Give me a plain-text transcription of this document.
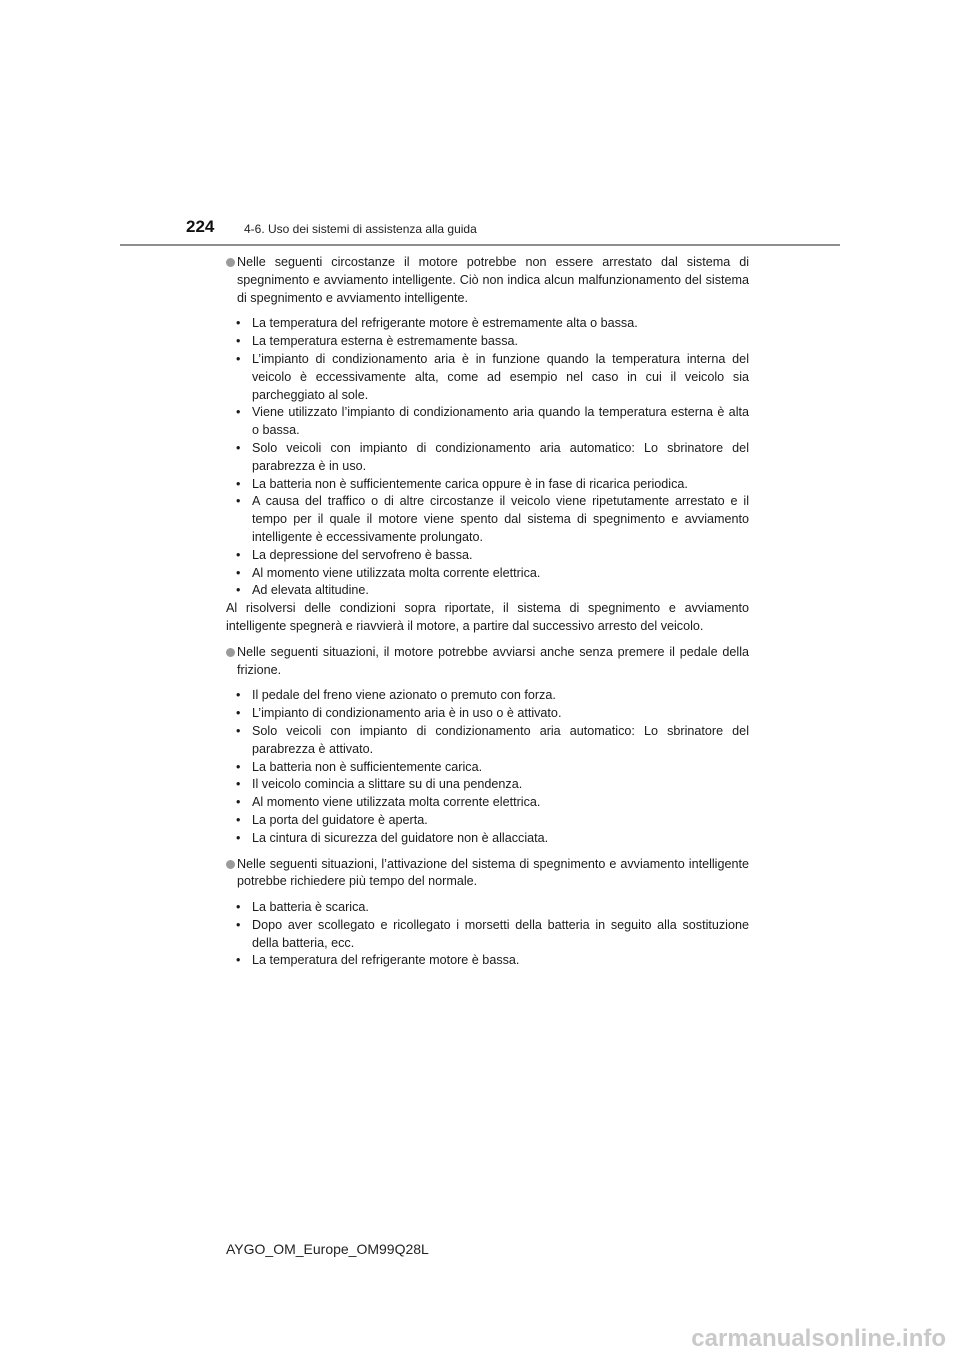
224 4-6. Uso dei sistemi di assistenza alla guida
Nelle seguenti circostanze il motore potrebbe non essere arrestato dal sistema di spegnimento e avviamento intelligente. Ciò non indica alcun malfunzionamento del sistema di spegnimento e avviamento intelligente.
• La temperatura del refrigerante motore è estremamente alta o bassa.
• La temperatura esterna è estremamente bassa.
• L’impianto di condizionamento aria è in funzione quando la temperatura interna del veicolo è eccessivamente alta, come ad esempio nel caso in cui il veicolo sia parcheggiato al sole.
• Viene utilizzato l’impianto di condizionamento aria quando la temperatura esterna è alta o bassa.
• Solo veicoli con impianto di condizionamento aria automatico: Lo sbrinatore del parabrezza è in uso.
• La batteria non è sufficientemente carica oppure è in fase di ricarica periodica.
• A causa del traffico o di altre circostanze il veicolo viene ripetutamente arrestato e il tempo per il quale il motore viene spento dal sistema di spegnimento e avviamento intelligente è eccessivamente prolungato.
• La depressione del servofreno è bassa.
• Al momento viene utilizzata molta corrente elettrica.
• Ad elevata altitudine.

Al risolversi delle condizioni sopra riportate, il sistema di spegnimento e avviamento intelligente spegnerà e riavvierà il motore, a partire dal successivo arresto del veicolo.

Nelle seguenti situazioni, il motore potrebbe avviarsi anche senza premere il pedale della frizione.
• Il pedale del freno viene azionato o premuto con forza.
• L’impianto di condizionamento aria è in uso o è attivato.
• Solo veicoli con impianto di condizionamento aria automatico: Lo sbrinatore del parabrezza è attivato.
• La batteria non è sufficientemente carica.
• Il veicolo comincia a slittare su di una pendenza.
• Al momento viene utilizzata molta corrente elettrica.
• La porta del guidatore è aperta.
• La cintura di sicurezza del guidatore non è allacciata.
Nelle seguenti situazioni, l’attivazione del sistema di spegnimento e avviamento intelligente potrebbe richiedere più tempo del normale.
• La batteria è scarica.
• Dopo aver scollegato e ricollegato i morsetti della batteria in seguito alla sostituzione della batteria, ecc.
• La temperatura del refrigerante motore è bassa.
AYGO_OM_Europe_OM99Q28L
carmanualsonline.info
